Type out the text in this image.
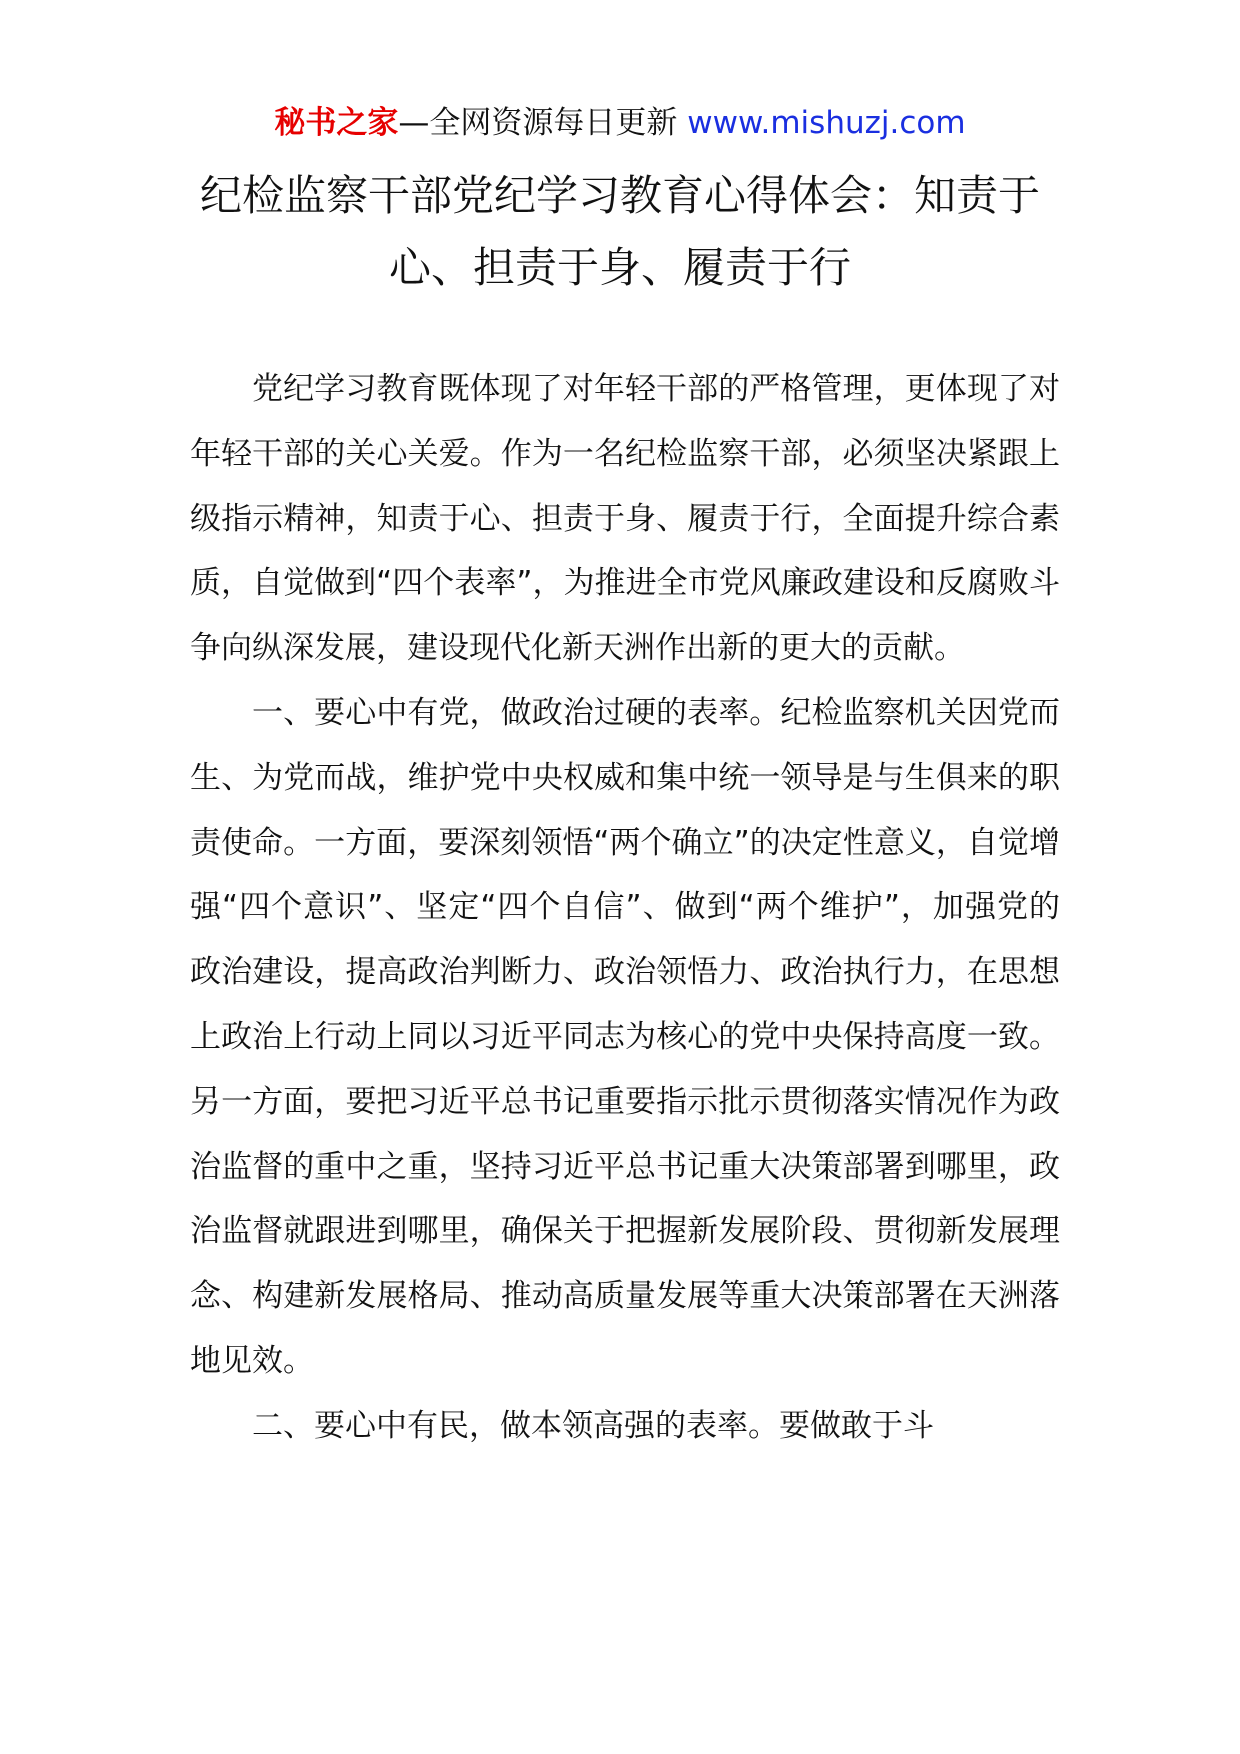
秘书之家—全网资源每日更新 www.mishuzj.com
纪检监察干部党纪学习教育心得体会：知责于
心、担责于身、履责于行

党纪学习教育既体现了对年轻干部的严格管理，更体现了对年轻干部的关心关爱。作为一名纪检监察干部，必须坚决紧跟上级指示精神，知责于心、担责于身、履责于行，全面提升综合素质，自觉做到“四个表率”，为推进全市党风廉政建设和反腐败斗争向纵深发展，建设现代化新天洲作出新的更大的贡献。

一、要心中有党，做政治过硬的表率。纪检监察机关因党而生、为党而战，维护党中央权威和集中统一领导是与生俱来的职责使命。一方面，要深刻领悟“两个确立”的决定性意义，自觉增强“四个意识”、坚定“四个自信”、做到“两个维护”，加强党的政治建设，提高政治判断力、政治领悟力、政治执行力，在思想上政治上行动上同以习近平同志为核心的党中央保持高度一致。另一方面，要把习近平总书记重要指示批示贯彻落实情况作为政治监督的重中之重，坚持习近平总书记重大决策部署到哪里，政治监督就跟进到哪里，确保关于把握新发展阶段、贯彻新发展理念、构建新发展格局、推动高质量发展等重大决策部署在天洲落地见效。

二、要心中有民，做本领高强的表率。要做敢于斗
